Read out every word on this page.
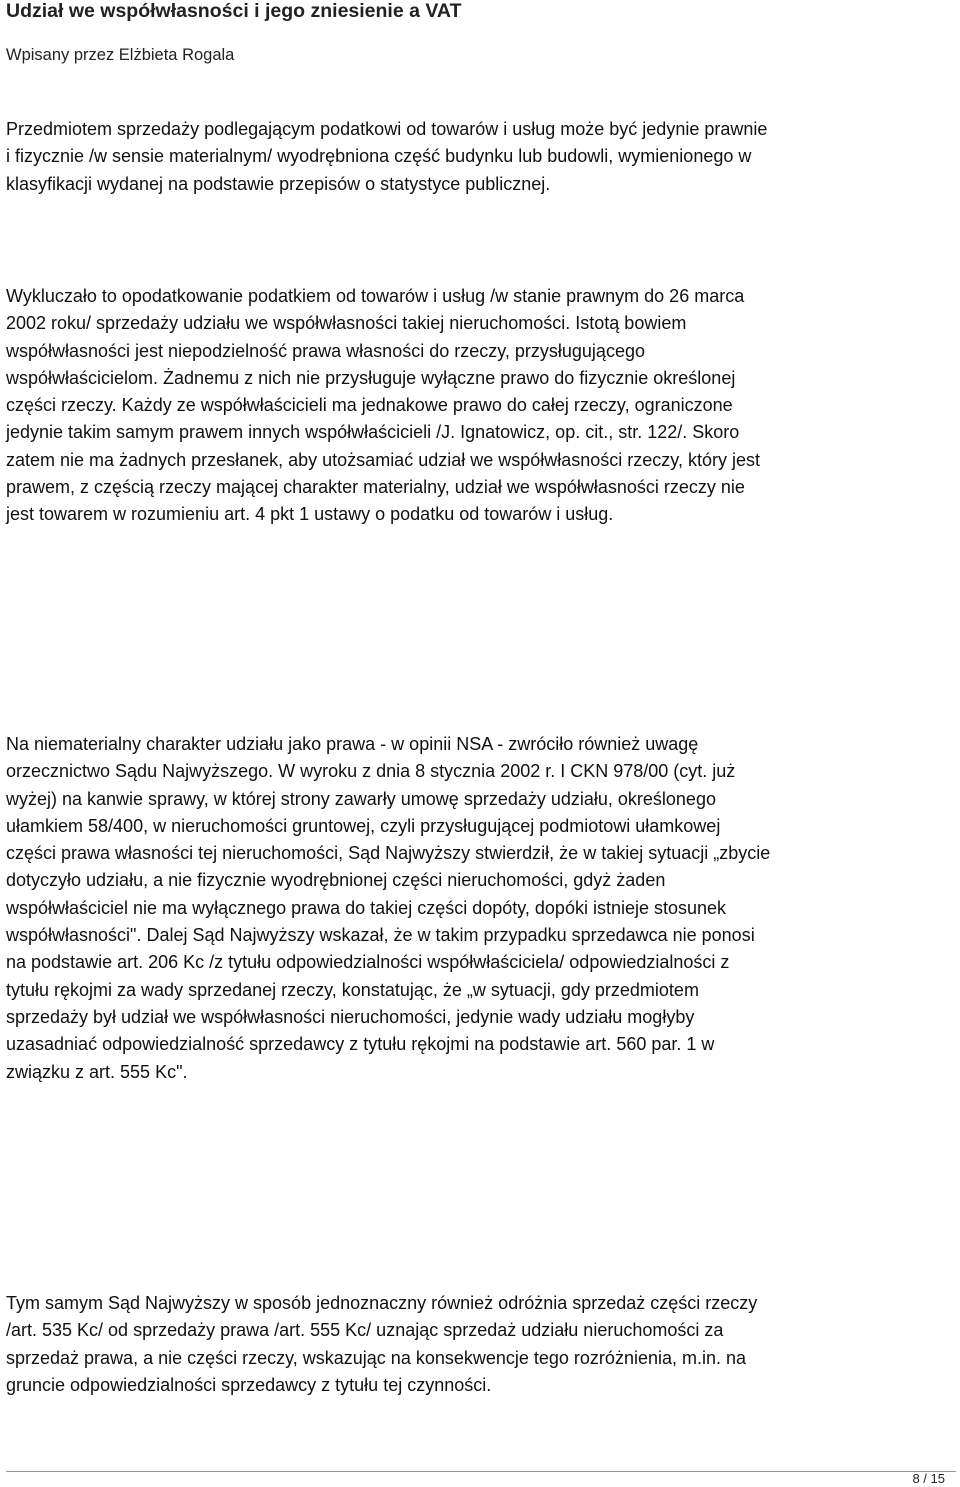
Udział we współwłasności i jego zniesienie a VAT

Wpisany przez Elżbieta Rogala

Przedmiotem sprzedaży podlegającym podatkowi od towarów i usług może być jedynie prawnie
i fizycznie /w sensie materialnym/ wyodrębniona część budynku lub budowli, wymienionego w
klasyfikacji wydanej na podstawie przepisów o statystyce publicznej.

Wykluczało to opodatkowanie podatkiem od towarów i usług /w stanie prawnym do 26 marca
2002 roku/ sprzedaży udziału we współwłasności takiej nieruchomości. Istotą bowiem
współwłasności jest niepodzielność prawa własności do rzeczy, przysługującego
współwłaścicielom. Żadnemu z nich nie przysługuje wyłączne prawo do fizycznie określonej
części rzeczy. Każdy ze współwłaścicieli ma jednakowe prawo do całej rzeczy, ograniczone
jedynie takim samym prawem innych współwłaścicieli /J. Ignatowicz, op. cit., str. 122/. Skoro
zatem nie ma żadnych przesłanek, aby utożsamiać udział we współwłasności rzeczy, który jest
prawem, z częścią rzeczy mającej charakter materialny, udział we współwłasności rzeczy nie
jest towarem w rozumieniu art. 4 pkt 1 ustawy o podatku od towarów i usług.

Na niematerialny charakter udziału jako prawa - w opinii NSA - zwróciło również uwagę
orzecznictwo Sądu Najwyższego. W wyroku z dnia 8 stycznia 2002 r. I CKN 978/00 (cyt. już
wyżej) na kanwie sprawy, w której strony zawarły umowę sprzedaży udziału, określonego
ułamkiem 58/400, w nieruchomości gruntowej, czyli przysługującej podmiotowi ułamkowej
części prawa własności tej nieruchomości, Sąd Najwyższy stwierdził, że w takiej sytuacji „zbycie
dotyczyło udziału, a nie fizycznie wyodrębnionej części nieruchomości, gdyż żaden
współwłaściciel nie ma wyłącznego prawa do takiej części dopóty, dopóki istnieje stosunek
współwłasności". Dalej Sąd Najwyższy wskazał, że w takim przypadku sprzedawca nie ponosi
na podstawie art. 206 Kc /z tytułu odpowiedzialności współwłaściciela/ odpowiedzialności z
tytułu rękojmi za wady sprzedanej rzeczy, konstatując, że „w sytuacji, gdy przedmiotem
sprzedaży był udział we współwłasności nieruchomości, jedynie wady udziału mogłyby
uzasadniać odpowiedzialność sprzedawcy z tytułu rękojmi na podstawie art. 560 par. 1 w
związku z art. 555 Kc".

Tym samym Sąd Najwyższy w sposób jednoznaczny również odróżnia sprzedaż części rzeczy
/art. 535 Kc/ od sprzedaży prawa /art. 555 Kc/ uznając sprzedaż udziału nieruchomości za
sprzedaż prawa, a nie części rzeczy, wskazując na konsekwencje tego rozróżnienia, m.in. na
gruncie odpowiedzialności sprzedawcy z tytułu tej czynności.

8 / 15
